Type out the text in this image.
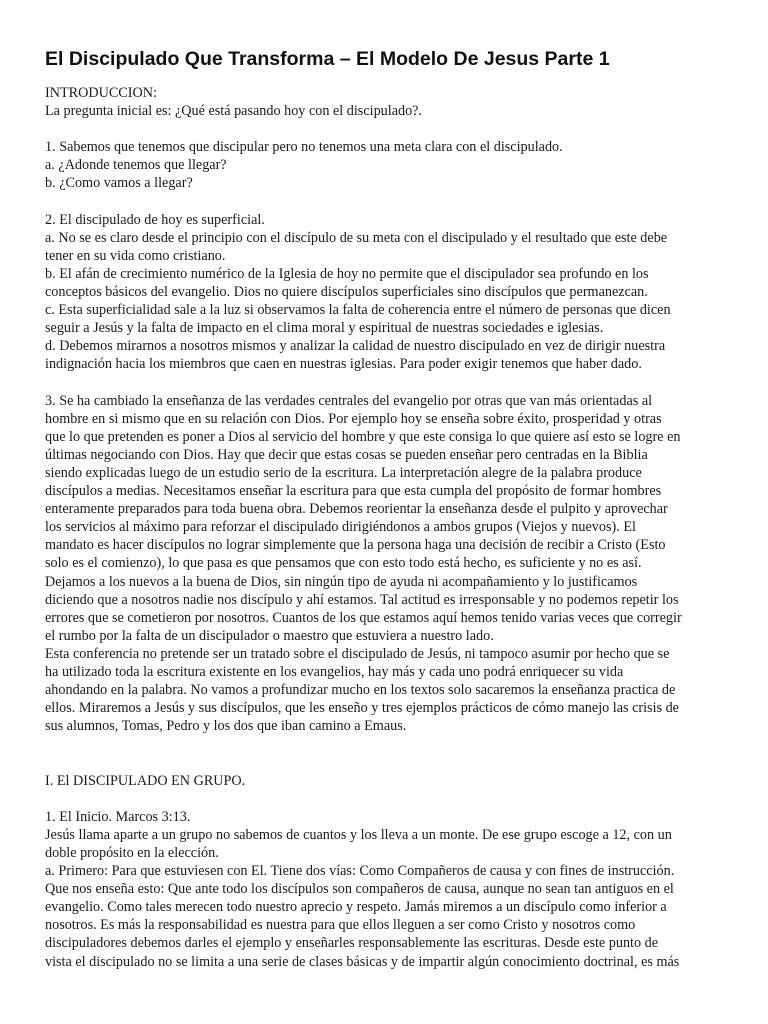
El Discipulado Que Transforma – El Modelo De Jesus Parte 1
INTRODUCCION:
La pregunta inicial es: ¿Qué está pasando hoy con el discipulado?.
1. Sabemos que tenemos que discipular pero no tenemos una meta clara con el discipulado.
a. ¿Adonde tenemos que llegar?
b. ¿Como vamos a llegar?
2. El discipulado de hoy es superficial.
a. No se es claro desde el principio con el discípulo de su meta con el discipulado y el resultado que este debe
tener en su vida como cristiano.
b. El afán de crecimiento numérico de la Iglesia de hoy no permite que el discipulador sea profundo en los
conceptos básicos del evangelio. Dios no quiere discípulos superficiales sino discípulos que permanezcan.
c. Esta superficialidad sale a la luz si observamos la falta de coherencia entre el número de personas que dicen
seguir a Jesús y la falta de impacto en el clima moral y espiritual de nuestras sociedades e iglesias.
d. Debemos mirarnos a nosotros mismos y analizar la calidad de nuestro discipulado en vez de dirigir nuestra
indignación hacia los miembros que caen en nuestras iglesias. Para poder exigir tenemos que haber dado.
3. Se ha cambiado la enseñanza de las verdades centrales del evangelio por otras que van más orientadas al
hombre en si mismo que en su relación con Dios. Por ejemplo hoy se enseña sobre éxito, prosperidad y otras
que lo que pretenden es poner a Dios al servicio del hombre y que este consiga lo que quiere así esto se logre en
últimas negociando con Dios. Hay que decir que estas cosas se pueden enseñar pero centradas en la Biblia
siendo explicadas luego de un estudio serio de la escritura. La interpretación alegre de la palabra produce
discípulos a medias. Necesitamos enseñar la escritura para que esta cumpla del propósito de formar hombres
enteramente preparados para toda buena obra. Debemos reorientar la enseñanza desde el pulpito y aprovechar
los servicios al máximo para reforzar el discipulado dirigiéndonos a ambos grupos (Viejos y nuevos). El
mandato es hacer discípulos no lograr simplemente que la persona haga una decisión de recibir a Cristo (Esto
solo es el comienzo), lo que pasa es que pensamos que con esto todo está hecho, es suficiente y no es así.
Dejamos a los nuevos a la buena de Dios, sin ningún tipo de ayuda ni acompañamiento y lo justificamos
diciendo que a nosotros nadie nos discípulo y ahí estamos. Tal actitud es irresponsable y no podemos repetir los
errores que se cometieron por nosotros. Cuantos de los que estamos aquí hemos tenido varias veces que corregir
el rumbo por la falta de un discipulador o maestro que estuviera a nuestro lado.
Esta conferencia no pretende ser un tratado sobre el discipulado de Jesús, ni tampoco asumir por hecho que se
ha utilizado toda la escritura existente en los evangelios, hay más y cada uno podrá enriquecer su vida
ahondando en la palabra. No vamos a profundizar mucho en los textos solo sacaremos la enseñanza practica de
ellos. Miraremos a Jesús y sus discípulos, que les enseño y tres ejemplos prácticos de cómo manejo las crisis de
sus alumnos, Tomas, Pedro y los dos que iban camino a Emaus.
I. El DISCIPULADO EN GRUPO.
1. El Inicio. Marcos 3:13.
Jesús llama aparte a un grupo no sabemos de cuantos y los lleva a un monte. De ese grupo escoge a 12, con un
doble propósito en la elección.
a. Primero: Para que estuviesen con El. Tiene dos vías: Como Compañeros de causa y con fines de instrucción.
Que nos enseña esto: Que ante todo los discípulos son compañeros de causa, aunque no sean tan antiguos en el
evangelio. Como tales merecen todo nuestro aprecio y respeto. Jamás miremos a un discípulo como inferior a
nosotros. Es más la responsabilidad es nuestra para que ellos lleguen a ser como Cristo y nosotros como
discipuladores debemos darles el ejemplo y enseñarles responsablemente las escrituras. Desde este punto de
vista el discipulado no se limita a una serie de clases básicas y de impartir algún conocimiento doctrinal, es más
